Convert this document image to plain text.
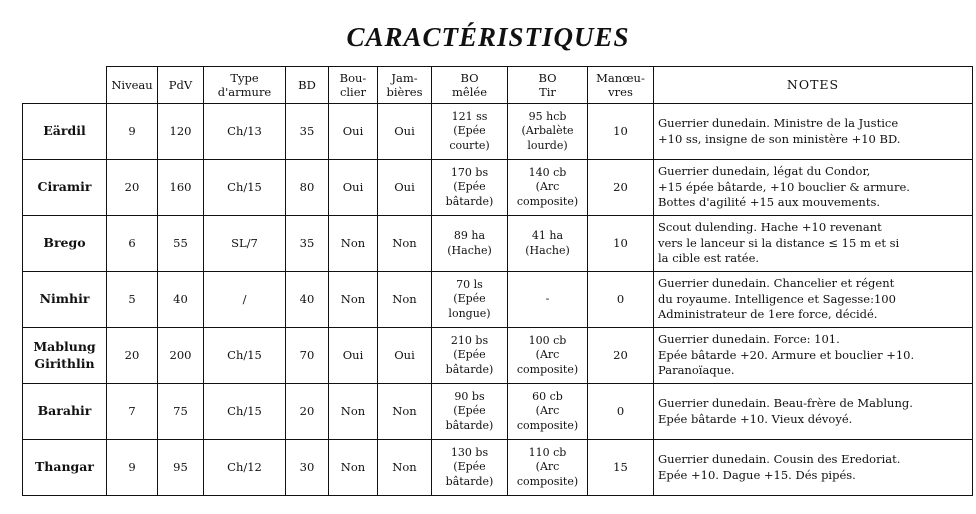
CARACTÉRISTIQUES
	Niveau	PdV	Type
d'armure	BD	Bou-
clier	Jam-
bières	BO
mêlée	BO
Tir	Manœu-
vres	NOTES
Eärdil	9	120	Ch/13	35	Oui	Oui	121 ss
(Epée
courte)	95 hcb
(Arbalète
lourde)	10	Guerrier dunedain. Ministre de la Justice
+10 ss, insigne de son ministère +10 BD.
Ciramir	20	160	Ch/15	80	Oui	Oui	170 bs
(Epée
bâtarde)	140 cb
(Arc
composite)	20	Guerrier dunedain, légat du Condor,
+15 épée bâtarde, +10 bouclier & armure.
Bottes d'agilité +15 aux mouvements.
Brego	6	55	SL/7	35	Non	Non	89 ha
(Hache)	41 ha
(Hache)	10	Scout dulending. Hache +10 revenant
vers le lanceur si la distance ≤ 15 m et si
la cible est ratée.
Nimhir	5	40	/	40	Non	Non	70 ls
(Epée
longue)	-	0	Guerrier dunedain. Chancelier et régent
du royaume. Intelligence et Sagesse:100
Administrateur de 1ere force, décidé.
Mablung
Girithlin	20	200	Ch/15	70	Oui	Oui	210 bs
(Epée
bâtarde)	100 cb
(Arc
composite)	20	Guerrier dunedain. Force: 101.
Epée bâtarde +20. Armure et bouclier +10.
Paranoïaque.
Barahir	7	75	Ch/15	20	Non	Non	90 bs
(Epée
bâtarde)	60 cb
(Arc
composite)	0	Guerrier dunedain. Beau-frère de Mablung.
Epée bâtarde +10. Vieux dévoyé.
Thangar	9	95	Ch/12	30	Non	Non	130 bs
(Epée
bâtarde)	110 cb
(Arc
composite)	15	Guerrier dunedain. Cousin des Eredoriat.
Epée +10. Dague +15. Dés pipés.
